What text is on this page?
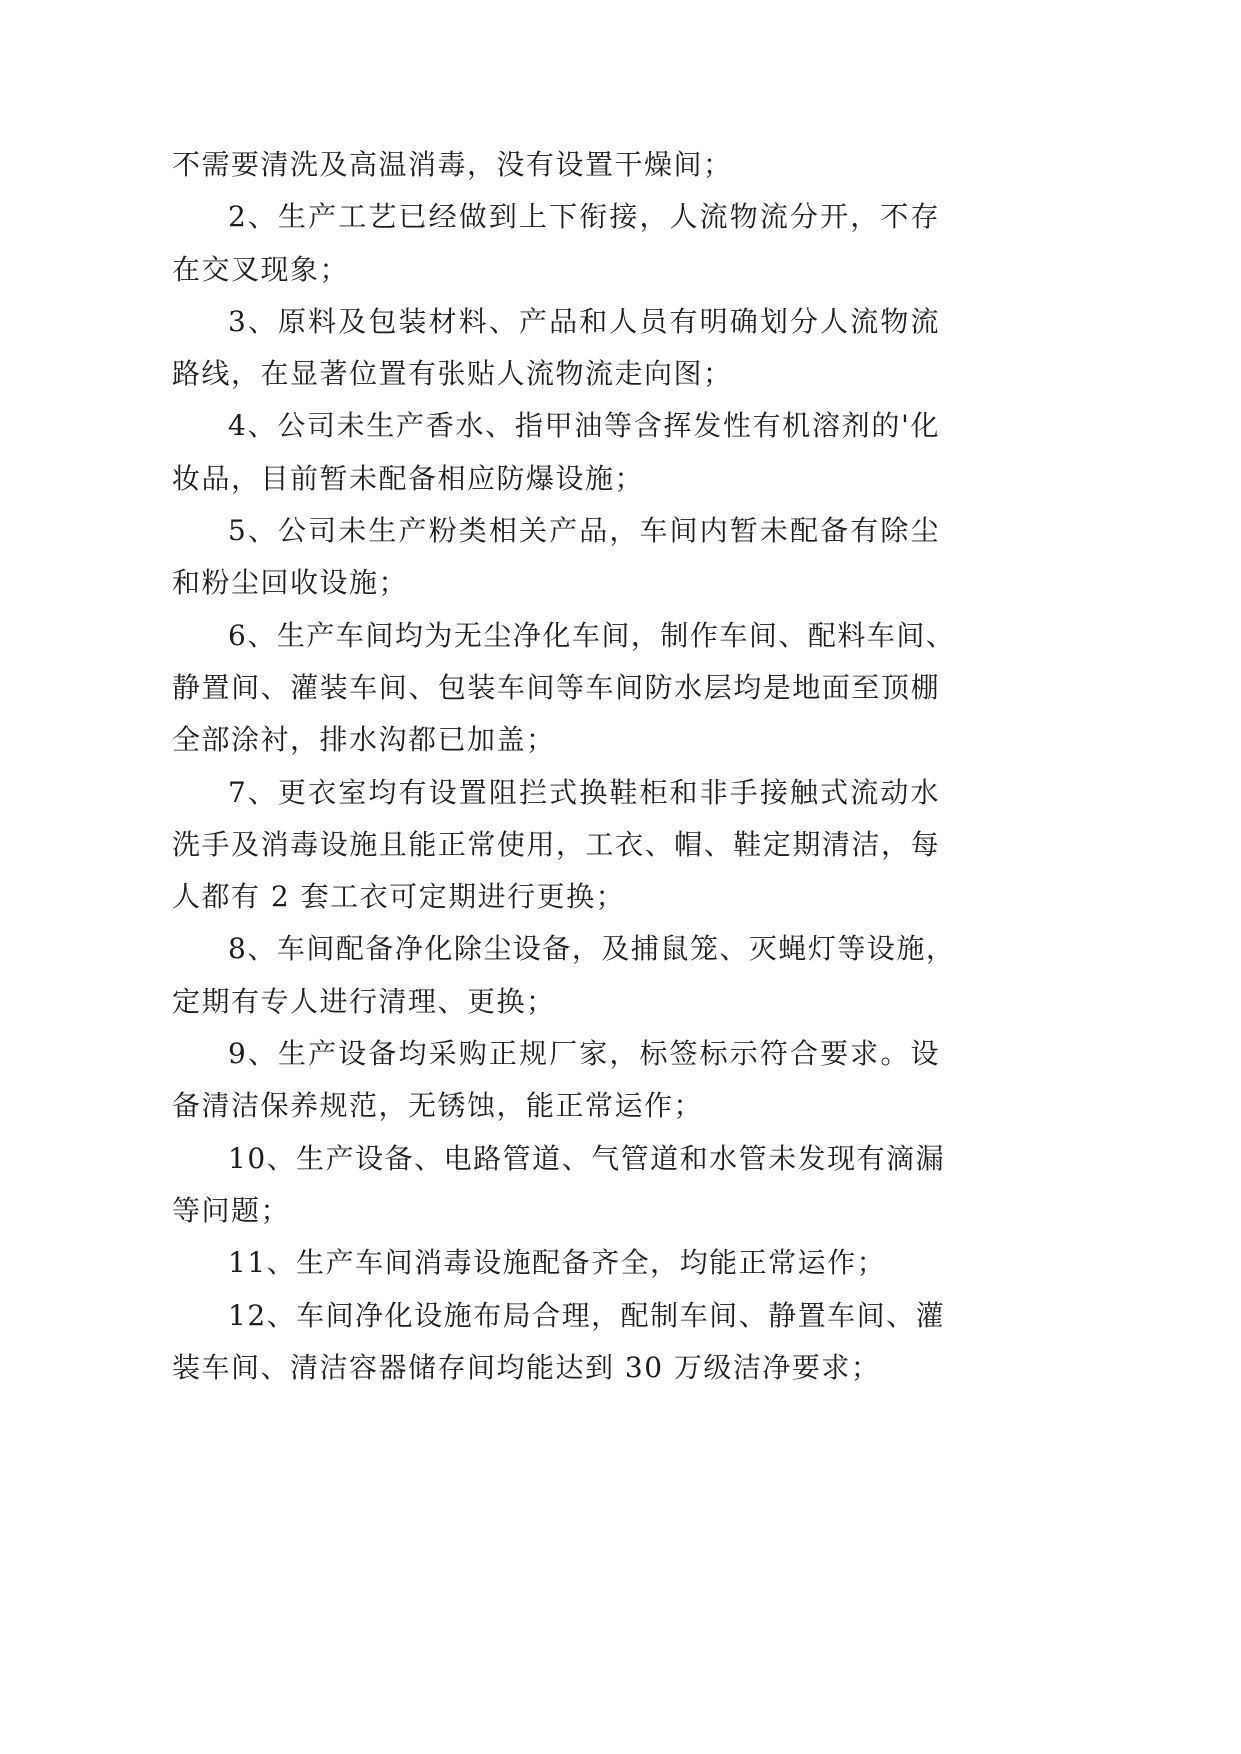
不需要清洗及高温消毒，没有设置干燥间；
2、生产工艺已经做到上下衔接，人流物流分开，不存
在交叉现象；
3、原料及包装材料、产品和人员有明确划分人流物流
路线，在显著位置有张贴人流物流走向图；
4、公司未生产香水、指甲油等含挥发性有机溶剂的'化
妆品，目前暂未配备相应防爆设施；
5、公司未生产粉类相关产品，车间内暂未配备有除尘
和粉尘回收设施；
6、生产车间均为无尘净化车间，制作车间、配料车间、
静置间、灌装车间、包装车间等车间防水层均是地面至顶棚
全部涂衬，排水沟都已加盖；
7、更衣室均有设置阻拦式换鞋柜和非手接触式流动水
洗手及消毒设施且能正常使用，工衣、帽、鞋定期清洁，每
人都有 2 套工衣可定期进行更换；
8、车间配备净化除尘设备，及捕鼠笼、灭蝇灯等设施，
定期有专人进行清理、更换；
9、生产设备均采购正规厂家，标签标示符合要求。设
备清洁保养规范，无锈蚀，能正常运作；
10、生产设备、电路管道、气管道和水管未发现有滴漏
等问题；
11、生产车间消毒设施配备齐全，均能正常运作；
12、车间净化设施布局合理，配制车间、静置车间、灌
装车间、清洁容器储存间均能达到 30 万级洁净要求；
